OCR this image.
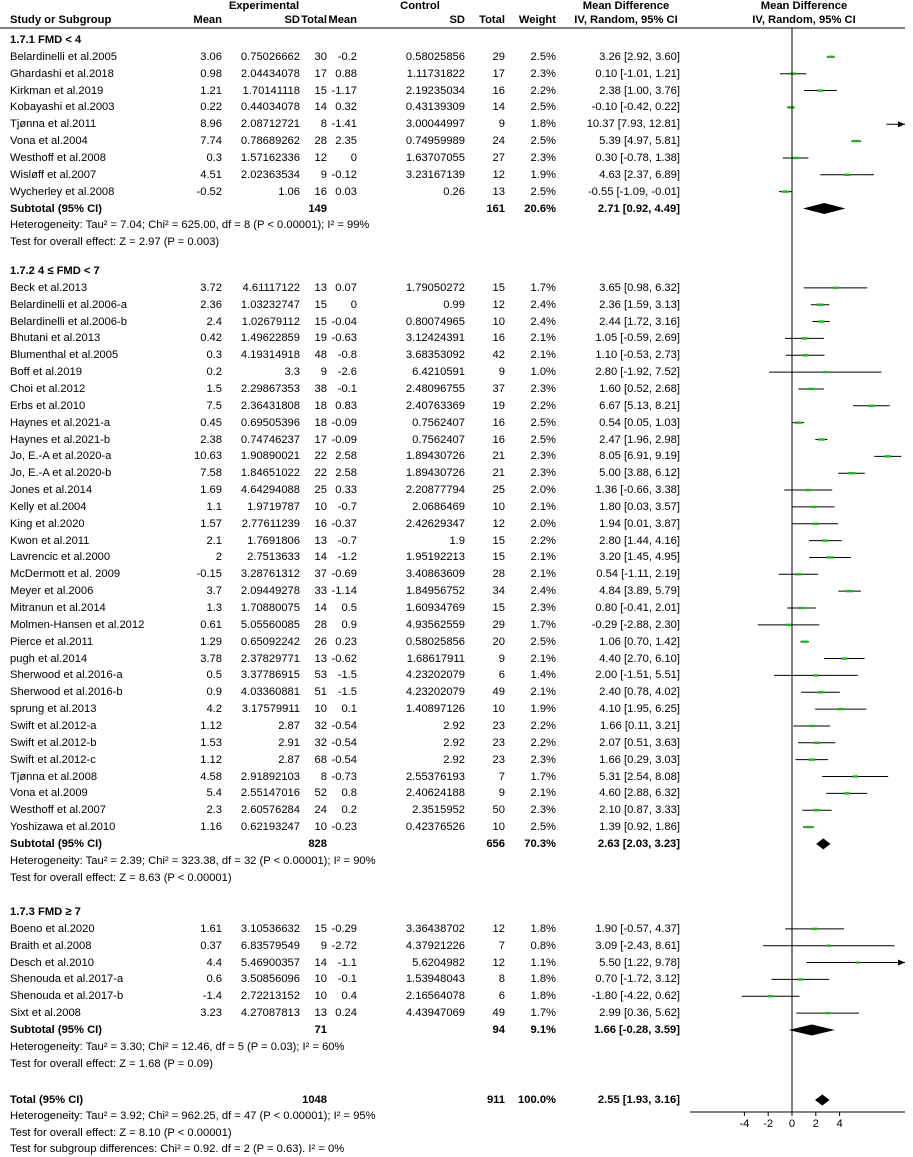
Experimental	Control	Mean Difference	Mean Difference
Study or Subgroup	Mean	SD Total Mean	SD	Total	Weight	IV, Random, 95% CI	IV, Random, 95% CI
1.7.1 FMD < 4
Belardinelli et al.2005	3.06	0.75026662	30 -0.2	0.58025856	29	2.5%	3.26 [2.92, 3.60]
Ghardashi et al.2018	0.98	2.04434078	17 0.88	1.11731822	17	2.3%	0.10 [-1.01, 1.21]
Kirkman et al.2019	1.21	1.70141118	15 -1.17	2.19235034	16	2.2%	2.38 [1.00, 3.76]
Kobayashi et al.2003	0.22	0.44034078	14 0.32	0.43139309	14	2.5%	-0.10 [-0.42, 0.22]
Tjønna et al.2011	8.96	2.08712721	8 -1.41	3.00044997	9	1.8%	10.37 [7.93, 12.81]
Vona et al.2004	7.74	0.78689262	28 2.35	0.74959989	24	2.5%	5.39 [4.97, 5.81]
Westhoff et al.2008	0.3	1.57162336	12	0	1.63707055	27	2.3%	0.30 [-0.78, 1.38]
Wisløff et al.2007	4.51	2.02363534	9 -0.12	3.23167139	12	1.9%	4.63 [2.37, 6.89]
Wycherley et al.2008	-0.52	1.06	16 0.03	0.26	13	2.5%	-0.55 [-1.09, -0.01]
Subtotal (95% CI)	149	161	20.6%	2.71 [0.92, 4.49]
Heterogeneity: Tau² = 7.04; Chi² = 625.00, df = 8 (P < 0.00001); I² = 99%
Test for overall effect: Z = 2.97 (P = 0.003)
1.7.2 4 ≤ FMD < 7
Beck et al.2013	3.72	4.61117122	13 0.07	1.79050272	15	1.7%	3.65 [0.98, 6.32]
Belardinelli et al.2006-a	2.36	1.03232747	15	0	0.99	12	2.4%	2.36 [1.59, 3.13]
Belardinelli et al.2006-b	2.4	1.02679112	15 -0.04	0.80074965	10	2.4%	2.44 [1.72, 3.16]
Bhutani et al.2013	0.42	1.49622859	19 -0.63	3.12424391	16	2.1%	1.05 [-0.59, 2.69]
Blumenthal et al.2005	0.3	4.19314918	48 -0.8	3.68353092	42	2.1%	1.10 [-0.53, 2.73]
Boff et al.2019	0.2	3.3	9 -2.6	6.4210591	9	1.0%	2.80 [-1.92, 7.52]
Choi et al.2012	1.5	2.29867353	38 -0.1	2.48096755	37	2.3%	1.60 [0.52, 2.68]
Erbs et al.2010	7.5	2.36431808	18 0.83	2.40763369	19	2.2%	6.67 [5.13, 8.21]
Haynes et al.2021-a	0.45	0.69505396	18 -0.09	0.7562407	16	2.5%	0.54 [0.05, 1.03]
Haynes et al.2021-b	2.38	0.74746237	17 -0.09	0.7562407	16	2.5%	2.47 [1.96, 2.98]
Jo, E.-A et al.2020-a	10.63	1.90890021	22 2.58	1.89430726	21	2.3%	8.05 [6.91, 9.19]
Jo, E.-A et al.2020-b	7.58	1.84651022	22 2.58	1.89430726	21	2.3%	5.00 [3.88, 6.12]
Jones et al.2014	1.69	4.64294088	25 0.33	2.20877794	25	2.0%	1.36 [-0.66, 3.38]
Kelly et al.2004	1.1	1.9719787	10 -0.7	2.0686469	10	2.1%	1.80 [0.03, 3.57]
King et al.2020	1.57	2.77611239	16 -0.37	2.42629347	12	2.0%	1.94 [0.01, 3.87]
Kwon et al.2011	2.1	1.7691806	13 -0.7	1.9	15	2.2%	2.80 [1.44, 4.16]
Lavrencic et al.2000	2	2.7513633	14 -1.2	1.95192213	15	2.1%	3.20 [1.45, 4.95]
McDermott et al. 2009	-0.15	3.28761312	37 -0.69	3.40863609	28	2.1%	0.54 [-1.11, 2.19]
Meyer et al.2006	3.7	2.09449278	33 -1.14	1.84956752	34	2.4%	4.84 [3.89, 5.79]
Mitranun et al.2014	1.3	1.70880075	14	0.5	1.60934769	15	2.3%	0.80 [-0.41, 2.01]
Molmen-Hansen et al.2012	0.61	5.05560085	28	0.9	4.93562559	29	1.7%	-0.29 [-2.88, 2.30]
Pierce et al.2011	1.29	0.65092242	26 0.23	0.58025856	20	2.5%	1.06 [0.70, 1.42]
pugh et al.2014	3.78	2.37829771	13 -0.62	1.68617911	9	2.1%	4.40 [2.70, 6.10]
Sherwood et al.2016-a	0.5	3.37786915	53 -1.5	4.23202079	6	1.4%	2.00 [-1.51, 5.51]
Sherwood et al.2016-b	0.9	4.03360881	51 -1.5	4.23202079	49	2.1%	2.40 [0.78, 4.02]
sprung et al.2013	4.2	3.17579911	10	0.1	1.40897126	10	1.9%	4.10 [1.95, 6.25]
Swift et al.2012-a	1.12	2.87	32 -0.54	2.92	23	2.2%	1.66 [0.11, 3.21]
Swift et al.2012-b	1.53	2.91	32 -0.54	2.92	23	2.2%	2.07 [0.51, 3.63]
Swift et al.2012-c	1.12	2.87	68 -0.54	2.92	23	2.3%	1.66 [0.29, 3.03]
Tjønna et al.2008	4.58	2.91892103	8 -0.73	2.55376193	7	1.7%	5.31 [2.54, 8.08]
Vona et al.2009	5.4	2.55147016	52	0.8	2.40624188	9	2.1%	4.60 [2.88, 6.32]
Westhoff et al.2007	2.3	2.60576284	24	0.2	2.3515952	50	2.3%	2.10 [0.87, 3.33]
Yoshizawa et al.2010	1.16	0.62193247	10 -0.23	0.42376526	10	2.5%	1.39 [0.92, 1.86]
Subtotal (95% CI)	828	656	70.3%	2.63 [2.03, 3.23]
Heterogeneity: Tau² = 2.39; Chi² = 323.38, df = 32 (P < 0.00001); I² = 90%
Test for overall effect: Z = 8.63 (P < 0.00001)
1.7.3 FMD ≥ 7
Boeno et al.2020	1.61	3.10536632	15 -0.29	3.36438702	12	1.8%	1.90 [-0.57, 4.37]
Braith et al.2008	0.37	6.83579549	9 -2.72	4.37921226	7	0.8%	3.09 [-2.43, 8.61]
Desch et al.2010	4.4	5.46900357	14 -1.1	5.6204982	12	1.1%	5.50 [1.22, 9.78]
Shenouda et al.2017-a	0.6	3.50856096	10 -0.1	1.53948043	8	1.8%	0.70 [-1.72, 3.12]
Shenouda et al.2017-b	-1.4	2.72213152	10	0.4	2.16564078	6	1.8%	-1.80 [-4.22, 0.62]
Sixt et al.2008	3.23	4.27087813	13 0.24	4.43947069	49	1.7%	2.99 [0.36, 5.62]
Subtotal (95% CI)	71	94	9.1%	1.66 [-0.28, 3.59]
Heterogeneity: Tau² = 3.30; Chi² = 12.46, df = 5 (P = 0.03); I² = 60%
Test for overall effect: Z = 1.68 (P = 0.09)
Total (95% CI)	1048	911	100.0%	2.55 [1.93, 3.16]
Heterogeneity: Tau² = 3.92; Chi² = 962.25, df = 47 (P < 0.00001); I² = 95%
Test for overall effect: Z = 8.10 (P < 0.00001)
Test for subgroup differences: Chi² = 0.92. df = 2 (P = 0.63). I² = 0%
-4	-2	0	2	4
